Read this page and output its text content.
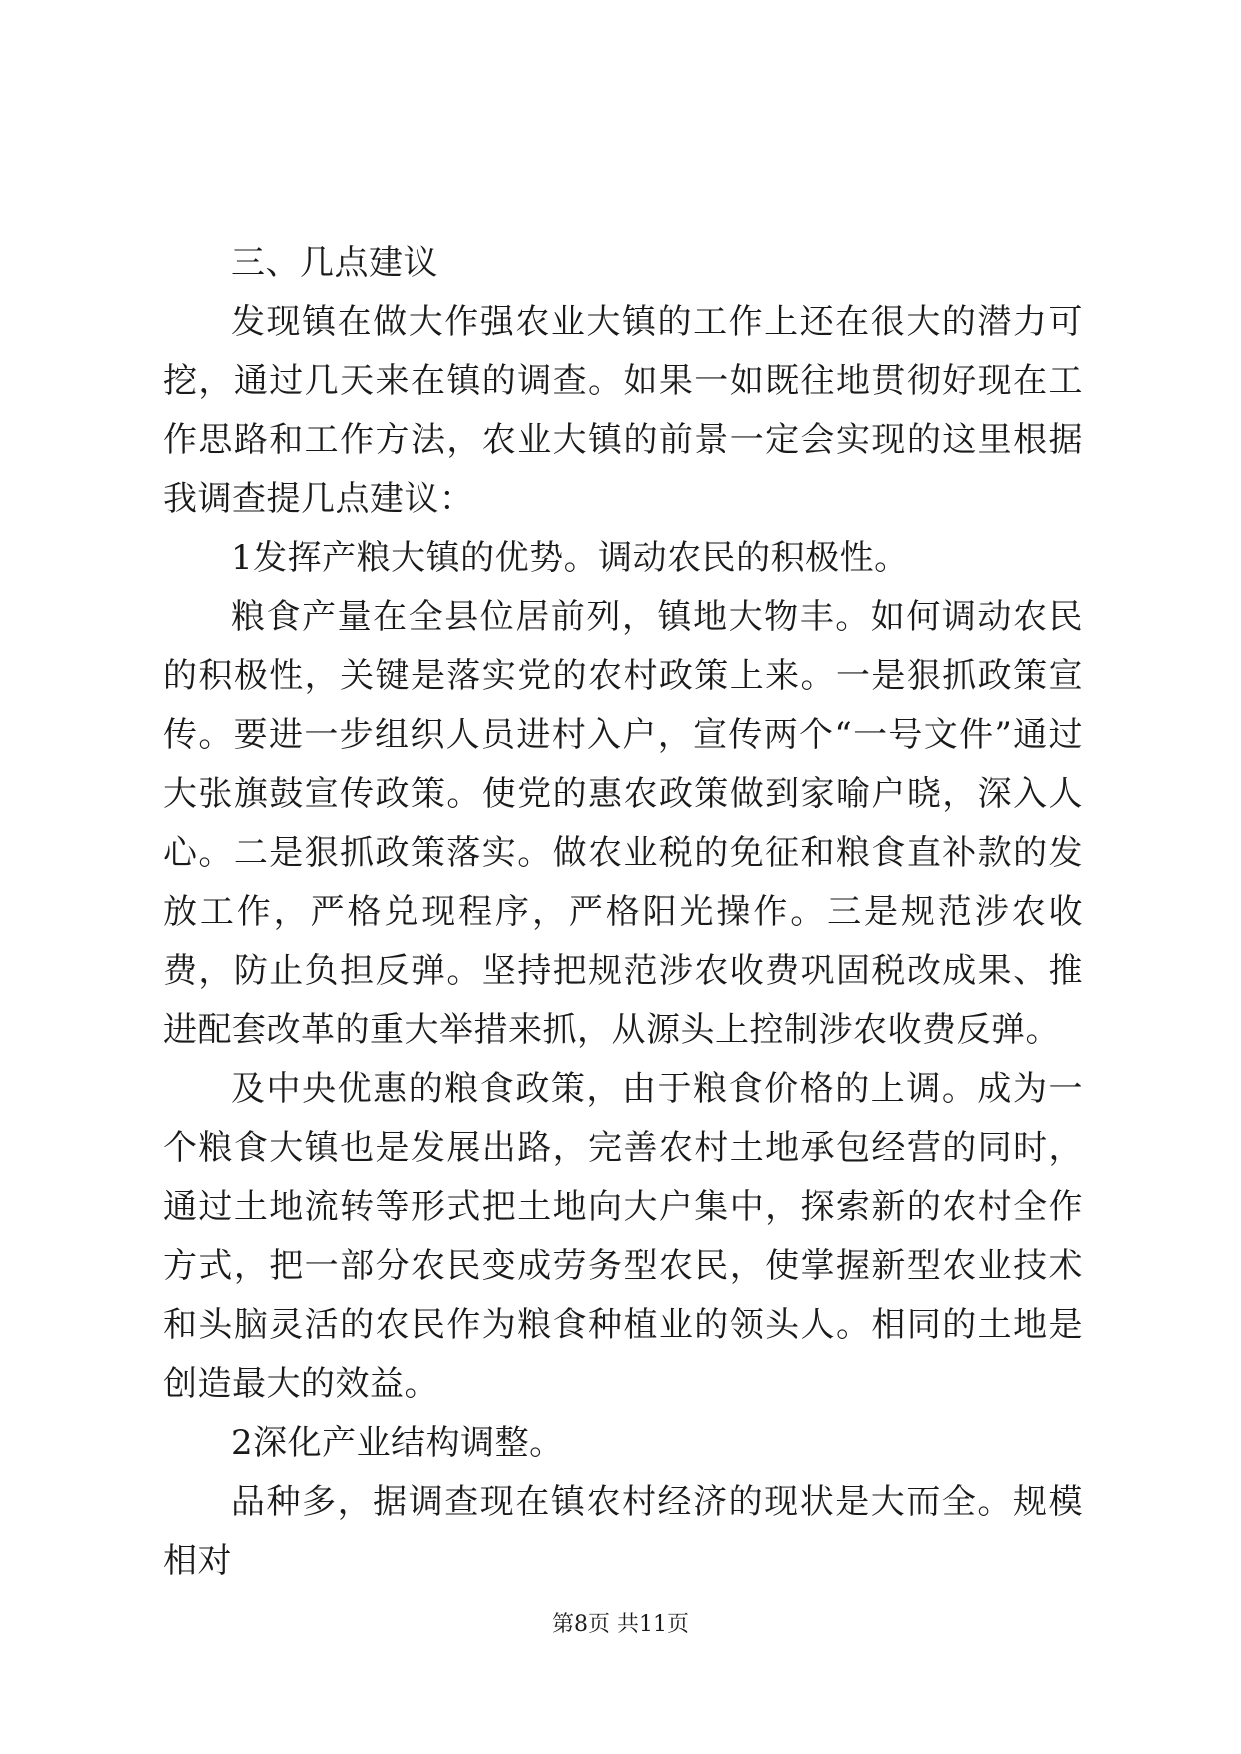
三、几点建议

发现镇在做大作强农业大镇的工作上还在很大的潜力可挖，通过几天来在镇的调查。如果一如既往地贯彻好现在工作思路和工作方法，农业大镇的前景一定会实现的这里根据我调查提几点建议：

1发挥产粮大镇的优势。调动农民的积极性。

粮食产量在全县位居前列，镇地大物丰。如何调动农民的积极性，关键是落实党的农村政策上来。一是狠抓政策宣传。要进一步组织人员进村入户，宣传两个“一号文件”通过大张旗鼓宣传政策。使党的惠农政策做到家喻户晓，深入人心。二是狠抓政策落实。做农业税的免征和粮食直补款的发放工作，严格兑现程序，严格阳光操作。三是规范涉农收费，防止负担反弹。坚持把规范涉农收费巩固税改成果、推进配套改革的重大举措来抓，从源头上控制涉农收费反弹。

及中央优惠的粮食政策，由于粮食价格的上调。成为一个粮食大镇也是发展出路，完善农村土地承包经营的同时，通过土地流转等形式把土地向大户集中，探索新的农村全作方式，把一部分农民变成劳务型农民，使掌握新型农业技术和头脑灵活的农民作为粮食种植业的领头人。相同的土地是创造最大的效益。

2深化产业结构调整。

品种多，据调查现在镇农村经济的现状是大而全。规模相对

第8页 共11页
